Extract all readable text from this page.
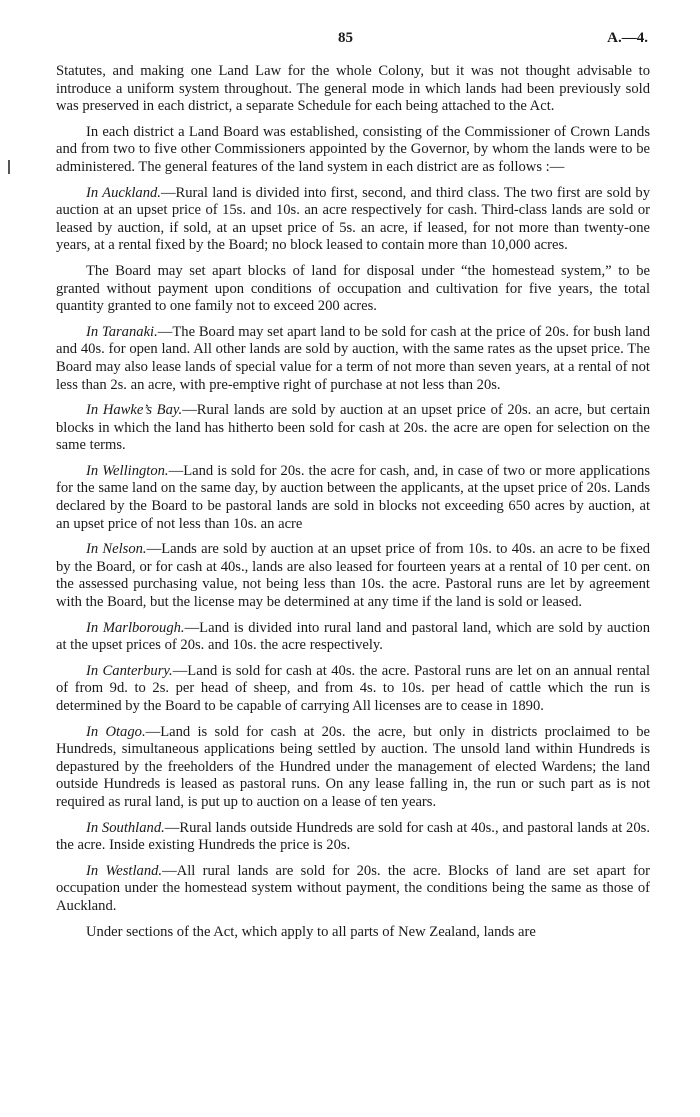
85	A.—4.

Statutes, and making one Land Law for the whole Colony, but it was not thought advisable to introduce a uniform system throughout. The general mode in which lands had been previously sold was preserved in each district, a separate Schedule for each being attached to the Act.

In each district a Land Board was established, consisting of the Commissioner of Crown Lands and from two to five other Commissioners appointed by the Governor, by whom the lands were to be administered. The general features of the land system in each district are as follows :—

In Auckland.—Rural land is divided into first, second, and third class. The two first are sold by auction at an upset price of 15s. and 10s. an acre respectively for cash. Third-class lands are sold or leased by auction, if sold, at an upset price of 5s. an acre, if leased, for not more than twenty-one years, at a rental fixed by the Board; no block leased to contain more than 10,000 acres.

The Board may set apart blocks of land for disposal under “the homestead system,” to be granted without payment upon conditions of occupation and cultivation for five years, the total quantity granted to one family not to exceed 200 acres.

In Taranaki.—The Board may set apart land to be sold for cash at the price of 20s. for bush land and 40s. for open land. All other lands are sold by auction, with the same rates as the upset price. The Board may also lease lands of special value for a term of not more than seven years, at a rental of not less than 2s. an acre, with pre-emptive right of purchase at not less than 20s.

In Hawke’s Bay.—Rural lands are sold by auction at an upset price of 20s. an acre, but certain blocks in which the land has hitherto been sold for cash at 20s. the acre are open for selection on the same terms.

In Wellington.—Land is sold for 20s. the acre for cash, and, in case of two or more applications for the same land on the same day, by auction between the applicants, at the upset price of 20s. Lands declared by the Board to be pastoral lands are sold in blocks not exceeding 650 acres by auction, at an upset price of not less than 10s. an acre

In Nelson.—Lands are sold by auction at an upset price of from 10s. to 40s. an acre to be fixed by the Board, or for cash at 40s., lands are also leased for fourteen years at a rental of 10 per cent. on the assessed purchasing value, not being less than 10s. the acre. Pastoral runs are let by agreement with the Board, but the license may be determined at any time if the land is sold or leased.

In Marlborough.—Land is divided into rural land and pastoral land, which are sold by auction at the upset prices of 20s. and 10s. the acre respectively.

In Canterbury.—Land is sold for cash at 40s. the acre. Pastoral runs are let on an annual rental of from 9d. to 2s. per head of sheep, and from 4s. to 10s. per head of cattle which the run is determined by the Board to be capable of carrying All licenses are to cease in 1890.

In Otago.—Land is sold for cash at 20s. the acre, but only in districts proclaimed to be Hundreds, simultaneous applications being settled by auction. The unsold land within Hundreds is depastured by the freeholders of the Hundred under the management of elected Wardens; the land outside Hundreds is leased as pastoral runs. On any lease falling in, the run or such part as is not required as rural land, is put up to auction on a lease of ten years.

In Southland.—Rural lands outside Hundreds are sold for cash at 40s., and pastoral lands at 20s. the acre. Inside existing Hundreds the price is 20s.

In Westland.—All rural lands are sold for 20s. the acre. Blocks of land are set apart for occupation under the homestead system without payment, the conditions being the same as those of Auckland.

Under sections of the Act, which apply to all parts of New Zealand, lands are
